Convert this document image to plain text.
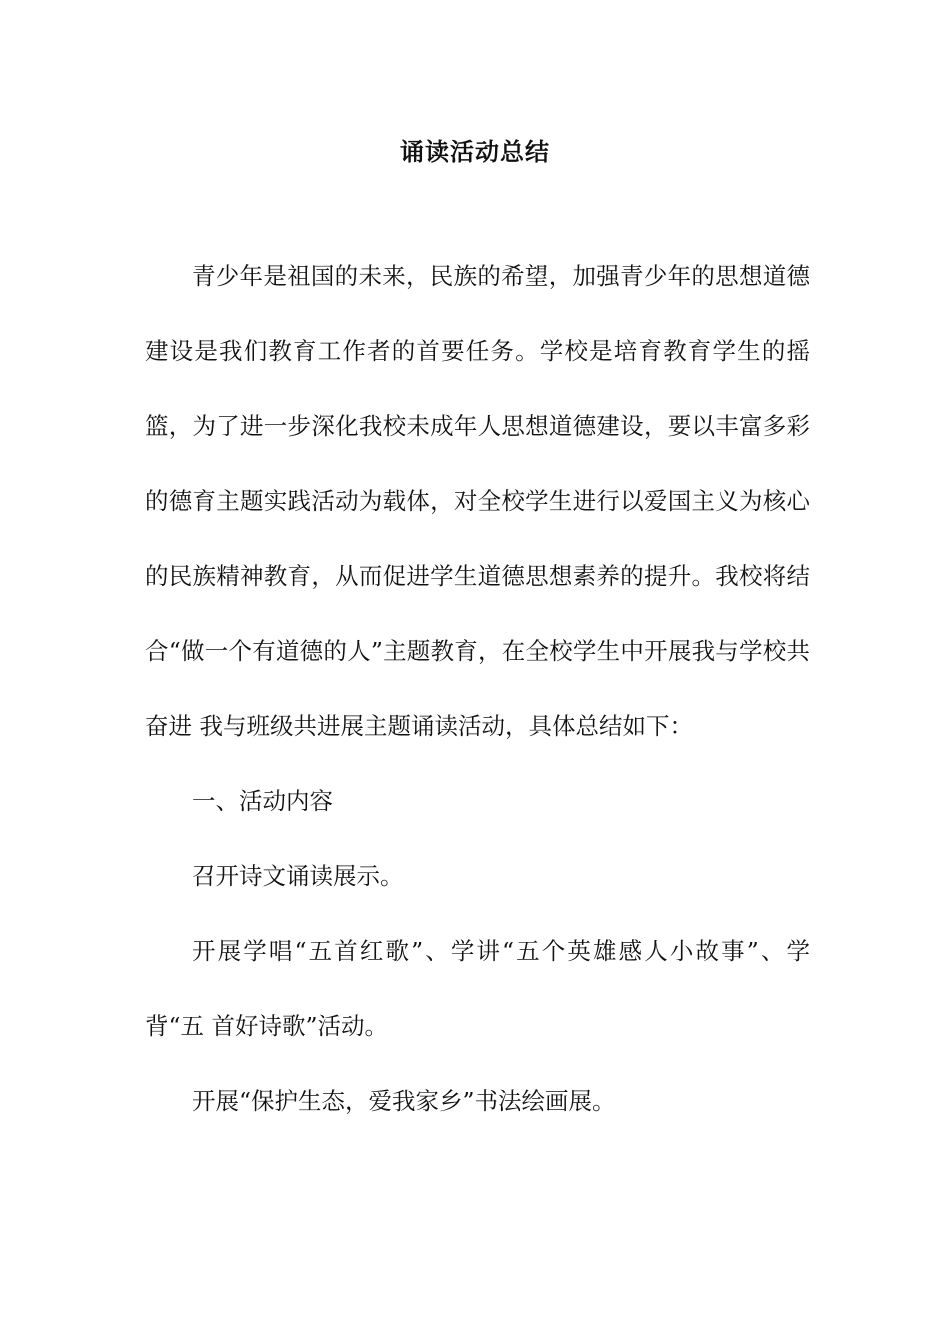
诵读活动总结

青少年是祖国的未来，民族的希望，加强青少年的思想道德建设是我们教育工作者的首要任务。学校是培育教育学生的摇篮，为了进一步深化我校未成年人思想道德建设，要以丰富多彩的德育主题实践活动为载体，对全校学生进行以爱国主义为核心的民族精神教育，从而促进学生道德思想素养的提升。我校将结合“做一个有道德的人”主题教育，在全校学生中开展我与学校共奋进 我与班级共进展主题诵读活动，具体总结如下：

一、活动内容

召开诗文诵读展示。

开展学唱“五首红歌”、学讲“五个英雄感人小故事”、学背“五 首好诗歌”活动。

开展“保护生态，爱我家乡”书法绘画展。
